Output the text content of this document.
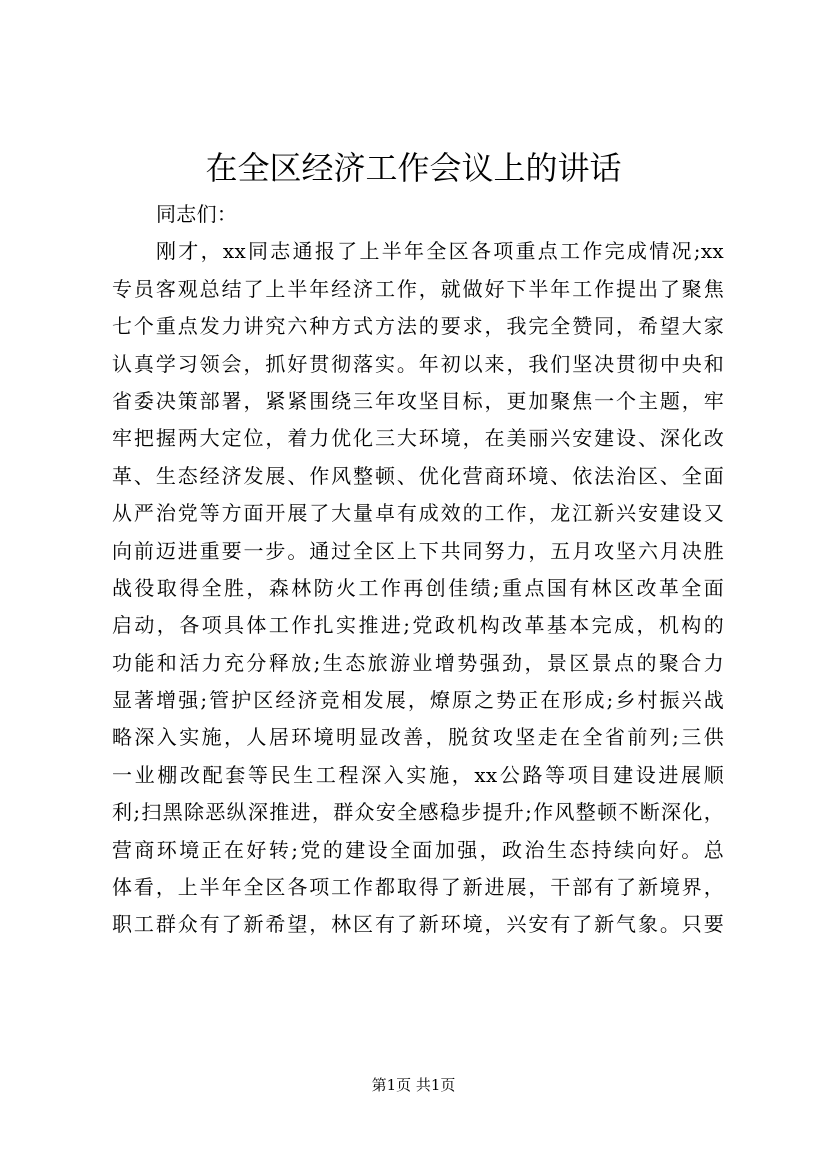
在全区经济工作会议上的讲话
同志们：
刚才，xx同志通报了上半年全区各项重点工作完成情况;xx
专员客观总结了上半年经济工作，就做好下半年工作提出了聚焦
七个重点发力讲究六种方式方法的要求，我完全赞同，希望大家
认真学习领会，抓好贯彻落实。年初以来，我们坚决贯彻中央和
省委决策部署，紧紧围绕三年攻坚目标，更加聚焦一个主题，牢
牢把握两大定位，着力优化三大环境，在美丽兴安建设、深化改
革、生态经济发展、作风整顿、优化营商环境、依法治区、全面
从严治党等方面开展了大量卓有成效的工作，龙江新兴安建设又
向前迈进重要一步。通过全区上下共同努力，五月攻坚六月决胜
战役取得全胜，森林防火工作再创佳绩;重点国有林区改革全面
启动，各项具体工作扎实推进;党政机构改革基本完成，机构的
功能和活力充分释放;生态旅游业增势强劲，景区景点的聚合力
显著增强;管护区经济竞相发展，燎原之势正在形成;乡村振兴战
略深入实施，人居环境明显改善，脱贫攻坚走在全省前列;三供
一业棚改配套等民生工程深入实施，xx公路等项目建设进展顺
利;扫黑除恶纵深推进，群众安全感稳步提升;作风整顿不断深化，
营商环境正在好转;党的建设全面加强，政治生态持续向好。总
体看，上半年全区各项工作都取得了新进展，干部有了新境界，
职工群众有了新希望，林区有了新环境，兴安有了新气象。只要
第1页 共1页
